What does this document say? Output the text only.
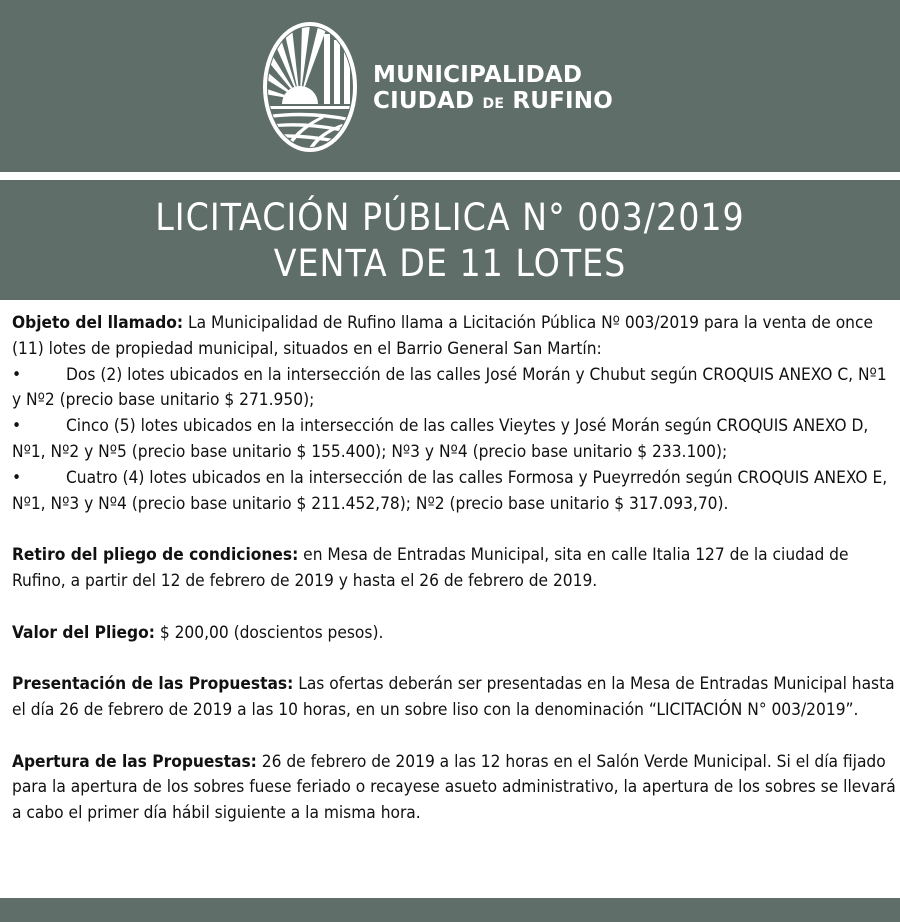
MUNICIPALIDAD
CIUDAD DE RUFINO
LICITACIÓN PÚBLICA N° 003/2019
VENTA DE 11 LOTES
Objeto del llamado: La Municipalidad de Rufino llama a Licitación Pública Nº 003/2019 para la venta de once (11) lotes de propiedad municipal, situados en el Barrio General San Martín:
•	Dos (2) lotes ubicados en la intersección de las calles José Morán y Chubut según CROQUIS ANEXO C, Nº1 y Nº2 (precio base unitario $ 271.950);
•	Cinco (5) lotes ubicados en la intersección de las calles Vieytes y José Morán según CROQUIS ANEXO D, Nº1, Nº2 y Nº5 (precio base unitario $ 155.400); Nº3 y Nº4 (precio base unitario $ 233.100);
•	Cuatro (4) lotes ubicados en la intersección de las calles Formosa y Pueyrredón según CROQUIS ANEXO E, Nº1, Nº3 y Nº4 (precio base unitario $ 211.452,78); Nº2 (precio base unitario $ 317.093,70).
Retiro del pliego de condiciones: en Mesa de Entradas Municipal, sita en calle Italia 127 de la ciudad de Rufino, a partir del 12 de febrero de 2019 y hasta el 26 de febrero de 2019.
Valor del Pliego: $ 200,00 (doscientos pesos).
Presentación de las Propuestas: Las ofertas deberán ser presentadas en la Mesa de Entradas Municipal hasta el día 26 de febrero de 2019 a las 10 horas, en un sobre liso con la denominación “LICITACIÓN N° 003/2019”.
Apertura de las Propuestas: 26 de febrero de 2019 a las 12 horas en el Salón Verde Municipal. Si el día fijado para la apertura de los sobres fuese feriado o recayese asueto administrativo, la apertura de los sobres se llevará a cabo el primer día hábil siguiente a la misma hora.
